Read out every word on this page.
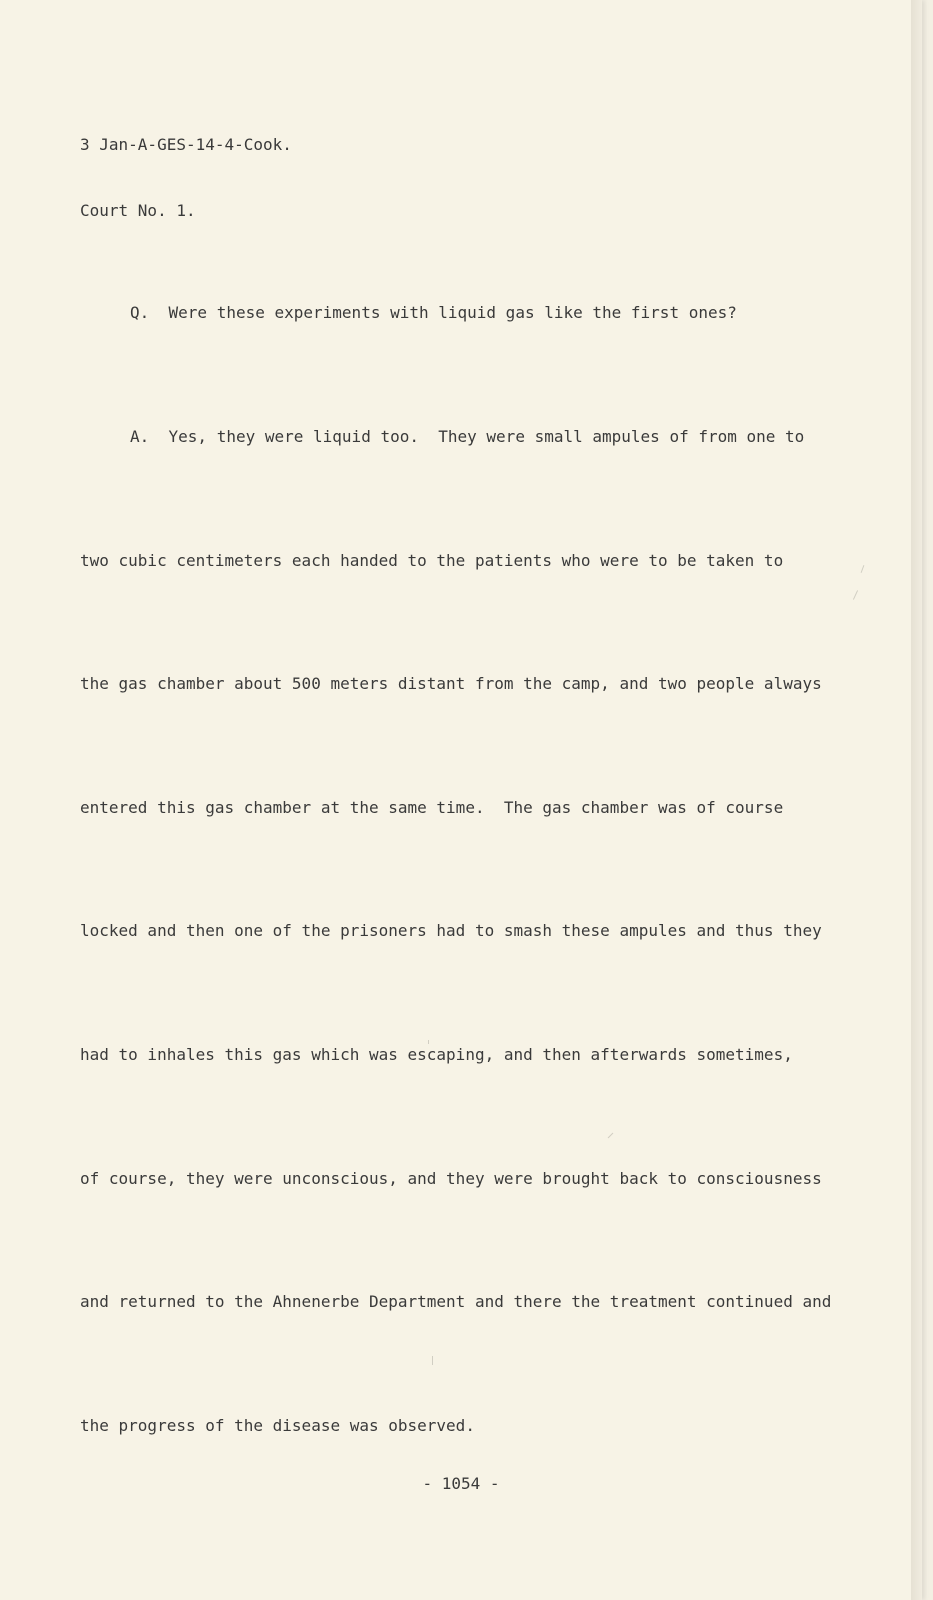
3 Jan-A-GES-14-4-Cook.

Court No. 1.

Q.  Were these experiments with liquid gas like the first ones?

A.  Yes, they were liquid too.  They were small ampules of from one to

two cubic centimeters each handed to the patients who were to be taken to

the gas chamber about 500 meters distant from the camp, and two people always

entered this gas chamber at the same time.  The gas chamber was of course

locked and then one of the prisoners had to smash these ampules and thus they

had to inhales this gas which was escaping, and then afterwards sometimes,

of course, they were unconscious, and they were brought back to consciousness

and returned to the Ahnenerbe Department and there the treatment continued and

the progress of the disease was observed.

- 1054 -
